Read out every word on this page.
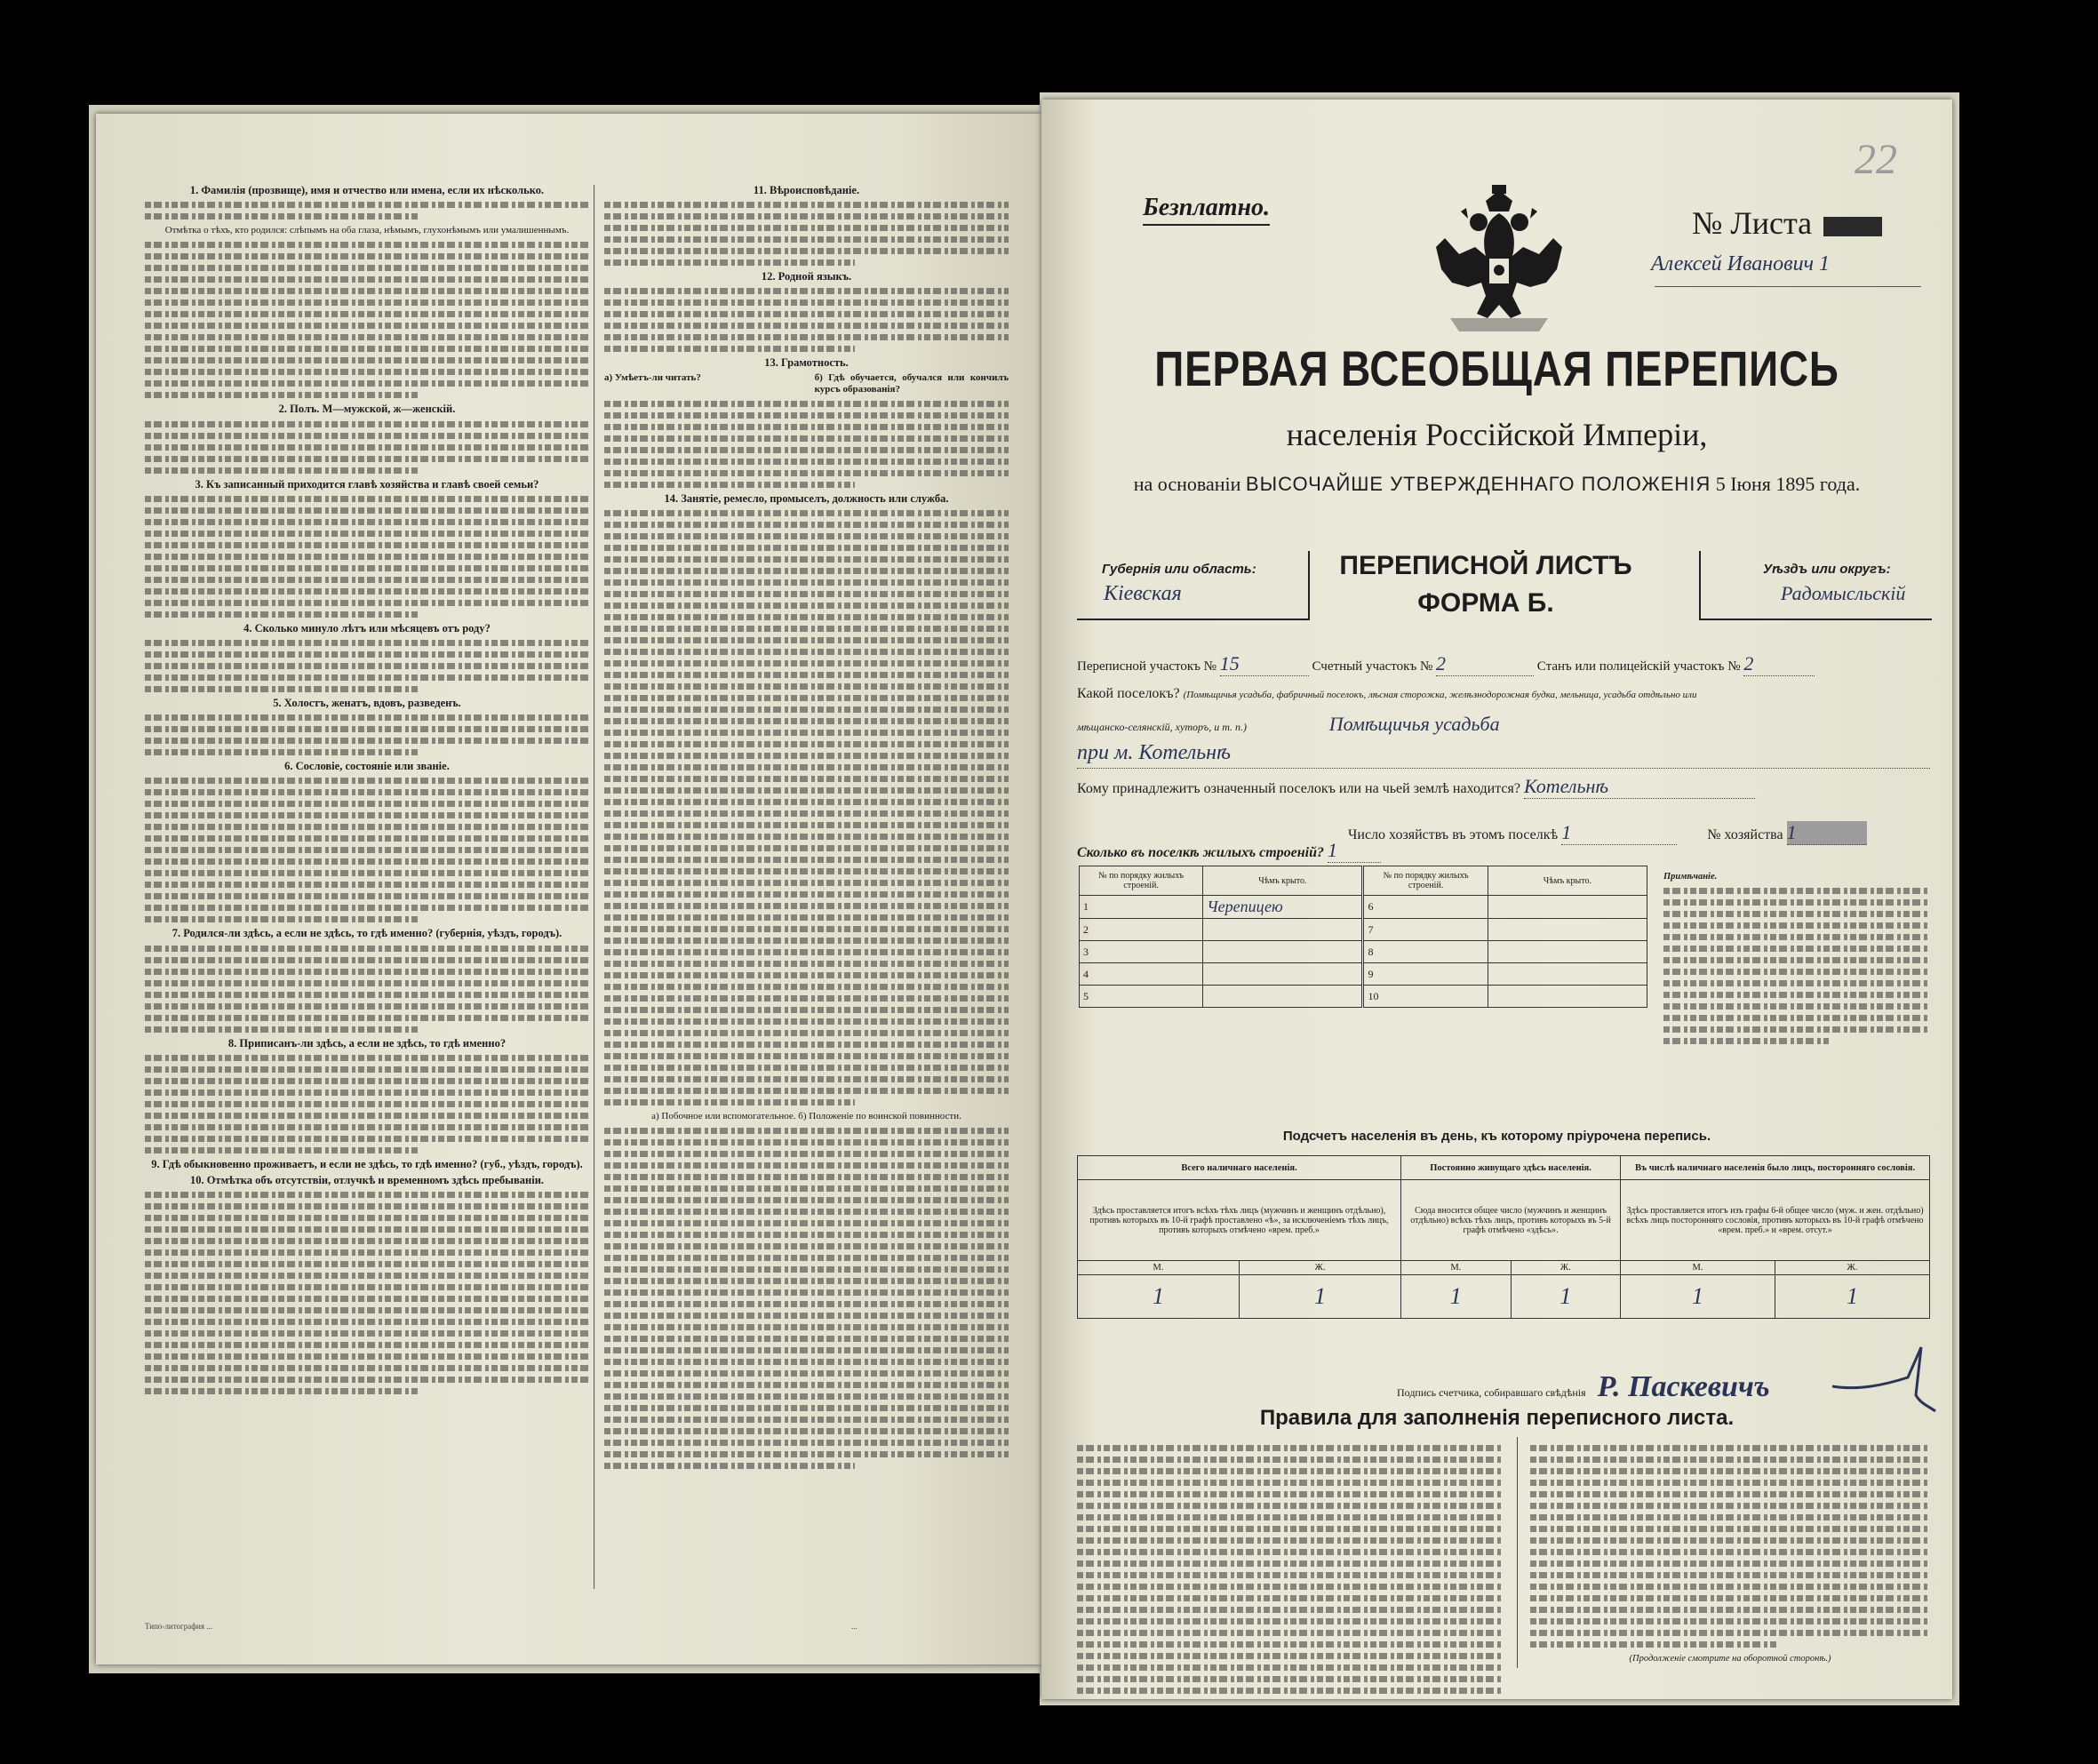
1. Фамилія (прозвище), имя и отчество или имена, если их нѣсколько.
Отмѣтка о тѣхъ, кто родился: слѣпымъ на оба глаза, нѣмымъ, глухонѣмымъ или умалишеннымъ.
2. Полъ. М—мужской, ж—женскій.
3. Къ записанный приходится главѣ хозяйства и главѣ своей семьи?
4. Сколько минуло лѣтъ или мѣсяцевъ отъ роду?
5. Холостъ, женатъ, вдовъ, разведенъ.
6. Сословіе, состояніе или званіе.
7. Родился-ли здѣсь, а если не здѣсь, то гдѣ именно? (губернія, уѣздъ, городъ).
8. Приписанъ-ли здѣсь, а если не здѣсь, то гдѣ именно?
9. Гдѣ обыкновенно проживаетъ, и если не здѣсь, то гдѣ именно? (губ., уѣздъ, городъ).
10. Отмѣтка объ отсутствіи, отлучкѣ и временномъ здѣсь пребываніи.
11. Вѣроисповѣданіе.
12. Родной языкъ.
13. Грамотность.
а) Умѣетъ-ли читать?	б) Гдѣ обучается, обучался или кончилъ курсъ образованія?
14. Занятіе, ремесло, промыселъ, должность или служба.
а) Побочное или вспомогательное. б) Положеніе по воинской повинности.
Типо-литография ...	...
22
Безплатно.	№ Листа
Алексей Иванович 1
ПЕРВАЯ ВСЕОБЩАЯ ПЕРЕПИСЬ
населенія Россійской Имперіи,
на основаніи ВЫСОЧАЙШЕ УТВЕРЖДЕННАГО ПОЛОЖЕНІЯ 5 Іюня 1895 года.
Губернія или область:
Кіевская
ПЕРЕПИСНОЙ ЛИСТЪ
ФОРМА Б.
Уѣздъ или округъ:
Радомысльскій
Переписной участокъ № 15	Счетный участокъ № 2	Станъ или полицейскій участокъ № 2
Какой поселокъ? (Помѣщичья усадьба, фабричный поселокъ, лѣсная сторожка, желѣзнодорожная будка, мельница, усадьба отдѣльно или
мѣщанско-селянскій, хуторъ, и т. п.)	Помѣщичья усадьба
при м. Котельнѣ
Кому принадлежитъ означенный поселокъ или на чьей землѣ находится? Котельнѣ
Число хозяйствъ въ этомъ поселкѣ 1	№ хозяйства 1
Сколько въ поселкѣ жилыхъ строеній? 1
№ по порядку жилыхъ строеній.	Чѣмъ крыто.	№ по порядку жилыхъ строеній.	Чѣмъ крыто.
1	Черепицею	6	
2		7	
3		8	
4		9	
5		10	
Примѣчаніе.
Подсчетъ населенія въ день, къ которому пріурочена перепись.
Всего наличнаго населенія.		Постоянно живущаго здѣсь населенія.		Въ числѣ наличнаго населенія было лицъ, посторонняго сословія.	
Здѣсь проставляется итогъ всѣхъ тѣхъ лицъ (мужчинъ и женщинъ отдѣльно), противъ которыхъ въ 10-й графѣ проставлено «ѣ», за исключеніемъ тѣхъ лицъ, противъ которыхъ отмѣчено «врем. преб.»		Сюда вносится общее число (мужчинъ и женщинъ отдѣльно) всѣхъ тѣхъ лицъ, противъ которыхъ въ 5-й графѣ отмѣчено «здѣсь».		Здѣсь проставляется итогъ изъ графы 6-й общее число (муж. и жен. отдѣльно) всѣхъ лицъ посторонняго сословія, противъ которыхъ въ 10-й графѣ отмѣчено «врем. преб.» и «врем. отсут.»	
М.	Ж.	М.	Ж.	М.	Ж.
1	1	1	1	1	1
Подпись счетчика, собиравшаго свѣдѣнія Р. Паскевичъ
Правила для заполненія переписного листа.
(Продолженіе смотрите на оборотной сторонѣ.)
